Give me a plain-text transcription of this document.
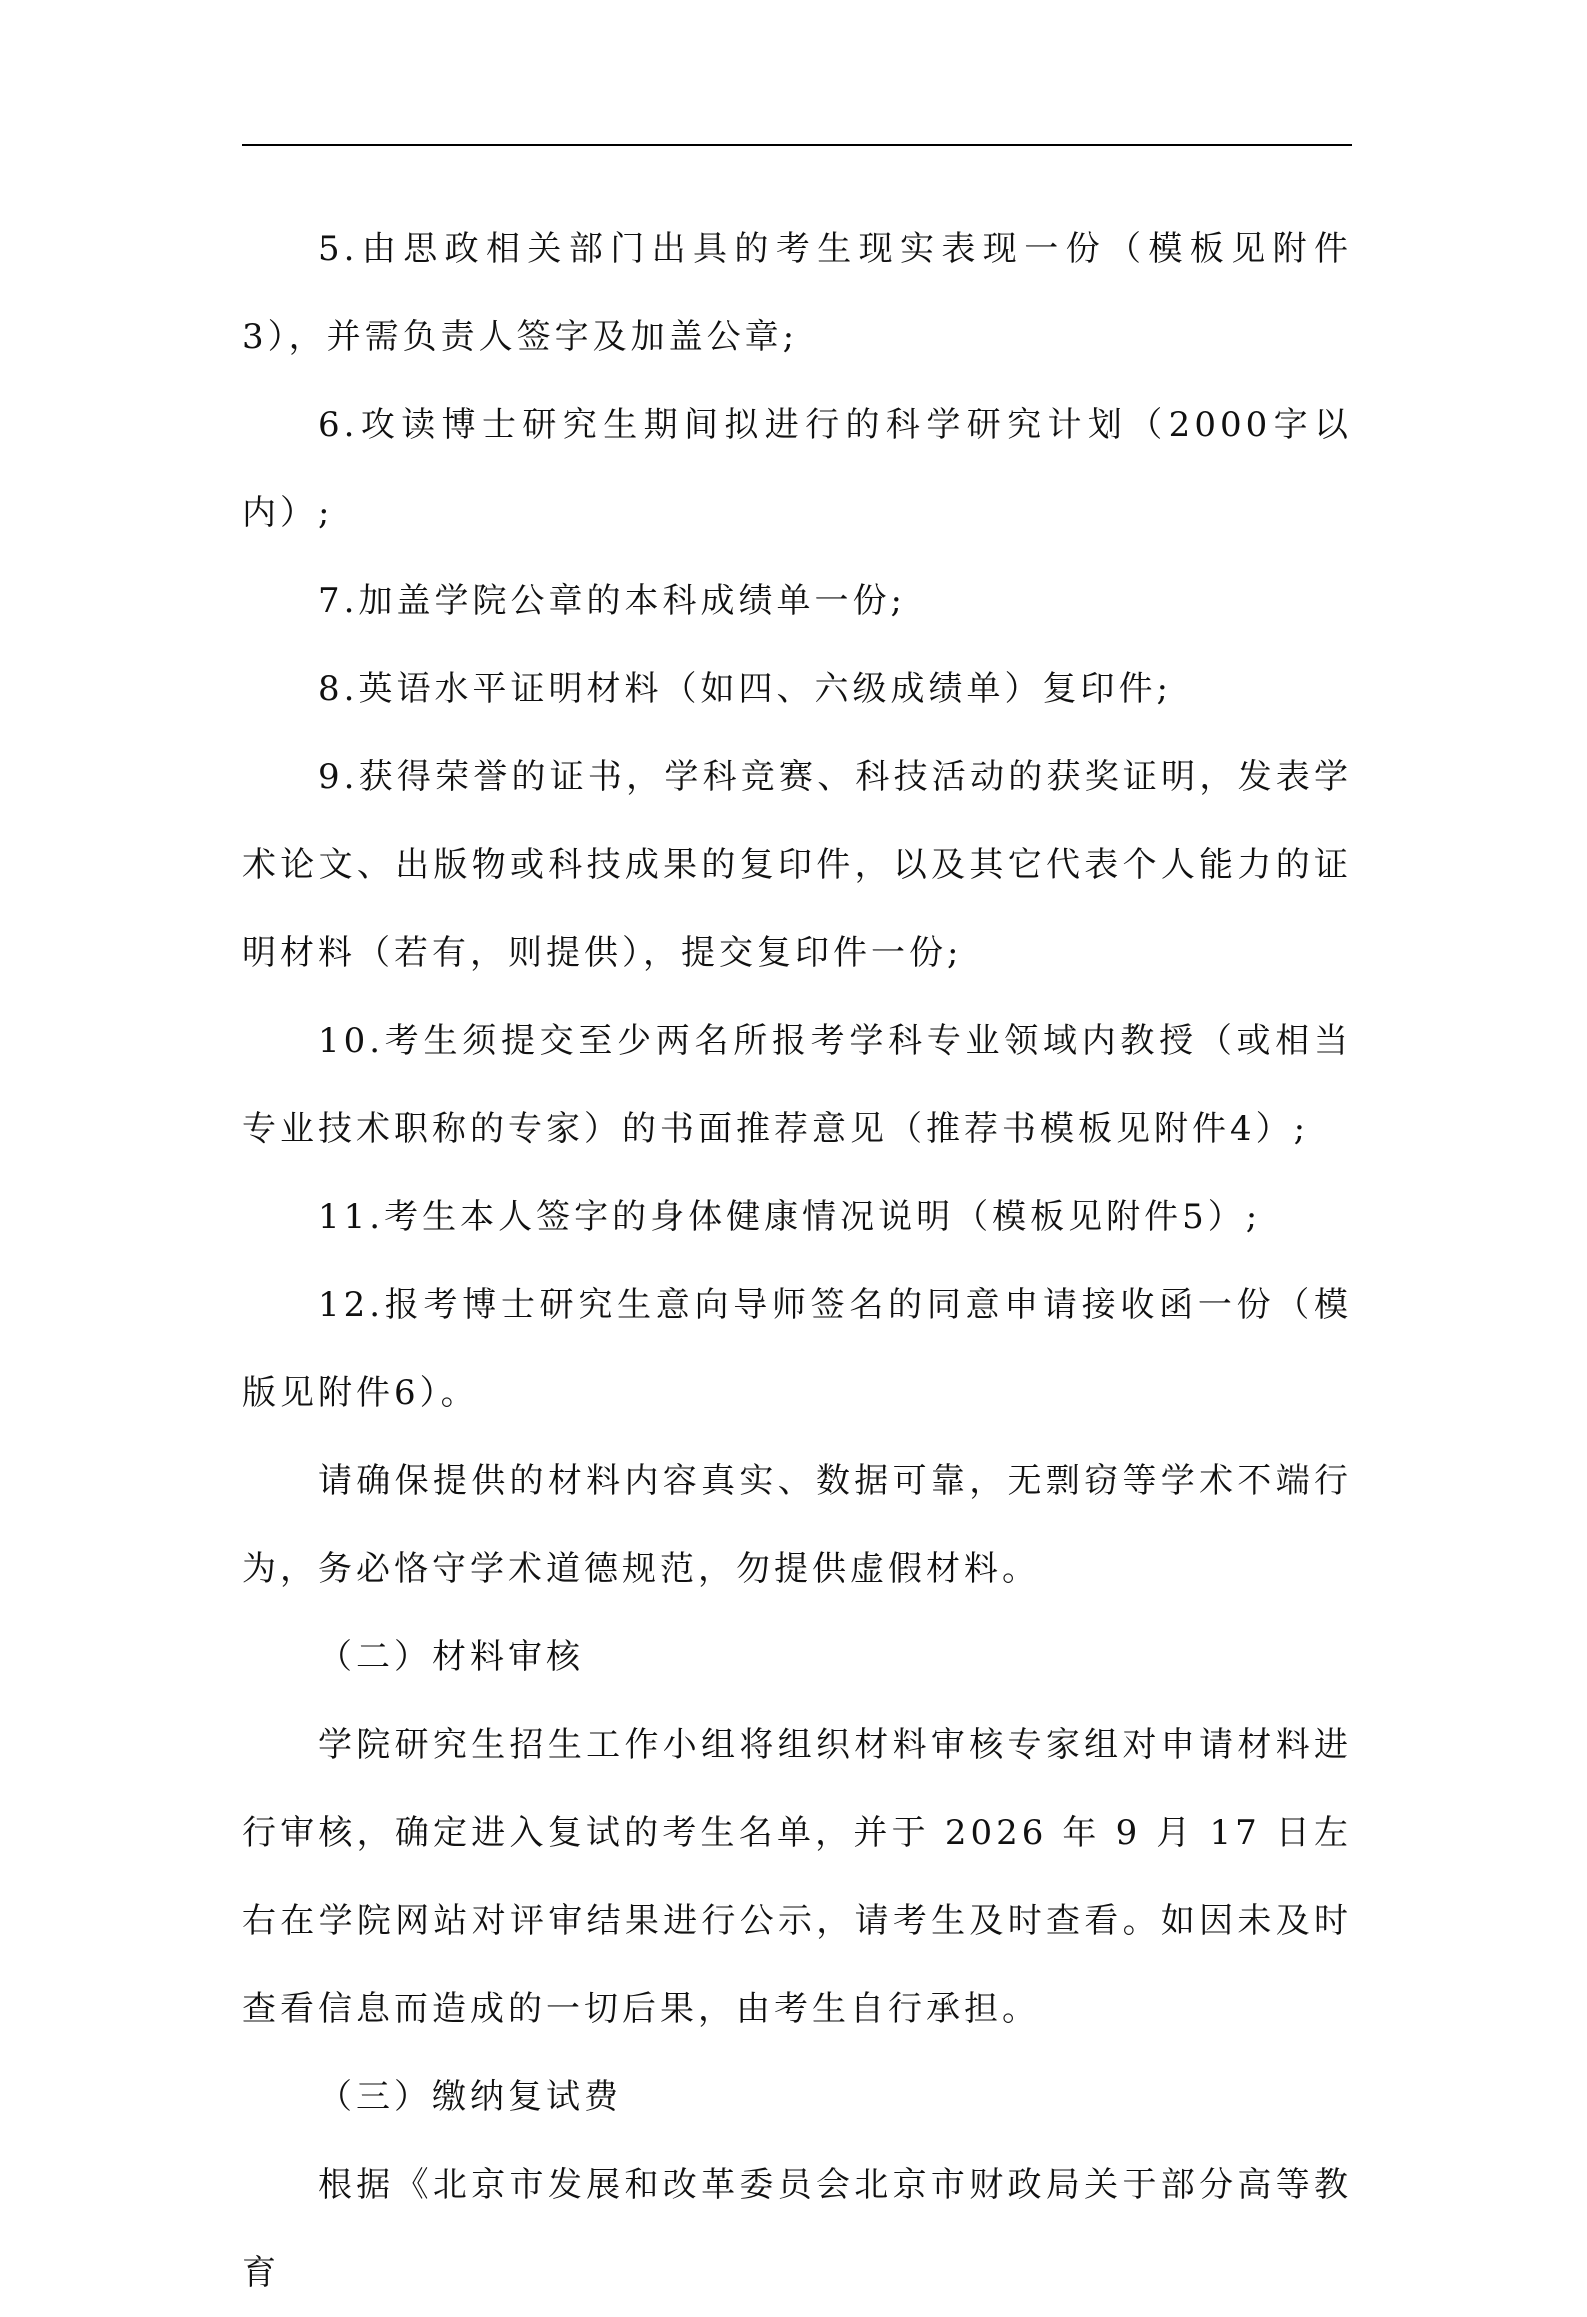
5.由思政相关部门出具的考生现实表现一份（模板见附件 3），并需负责人签字及加盖公章;

6.攻读博士研究生期间拟进行的科学研究计划（2000字以内）;

7.加盖学院公章的本科成绩单一份;

8.英语水平证明材料（如四、六级成绩单）复印件;

9.获得荣誉的证书，学科竞赛、科技活动的获奖证明，发表学术论文、出版物或科技成果的复印件，以及其它代表个人能力的证明材料（若有，则提供），提交复印件一份;

10.考生须提交至少两名所报考学科专业领域内教授（或相当专业技术职称的专家）的书面推荐意见（推荐书模板见附件4）;

11.考生本人签字的身体健康情况说明（模板见附件5）;

12.报考博士研究生意向导师签名的同意申请接收函一份（模版见附件6）。

请确保提供的材料内容真实、数据可靠，无剽窃等学术不端行为，务必恪守学术道德规范，勿提供虚假材料。

（二）材料审核

学院研究生招生工作小组将组织材料审核专家组对申请材料进行审核，确定进入复试的考生名单，并于 2026 年 9 月 17 日左右在学院网站对评审结果进行公示，请考生及时查看。如因未及时查看信息而造成的一切后果，由考生自行承担。

（三）缴纳复试费

根据《北京市发展和改革委员会北京市财政局关于部分高等教育
